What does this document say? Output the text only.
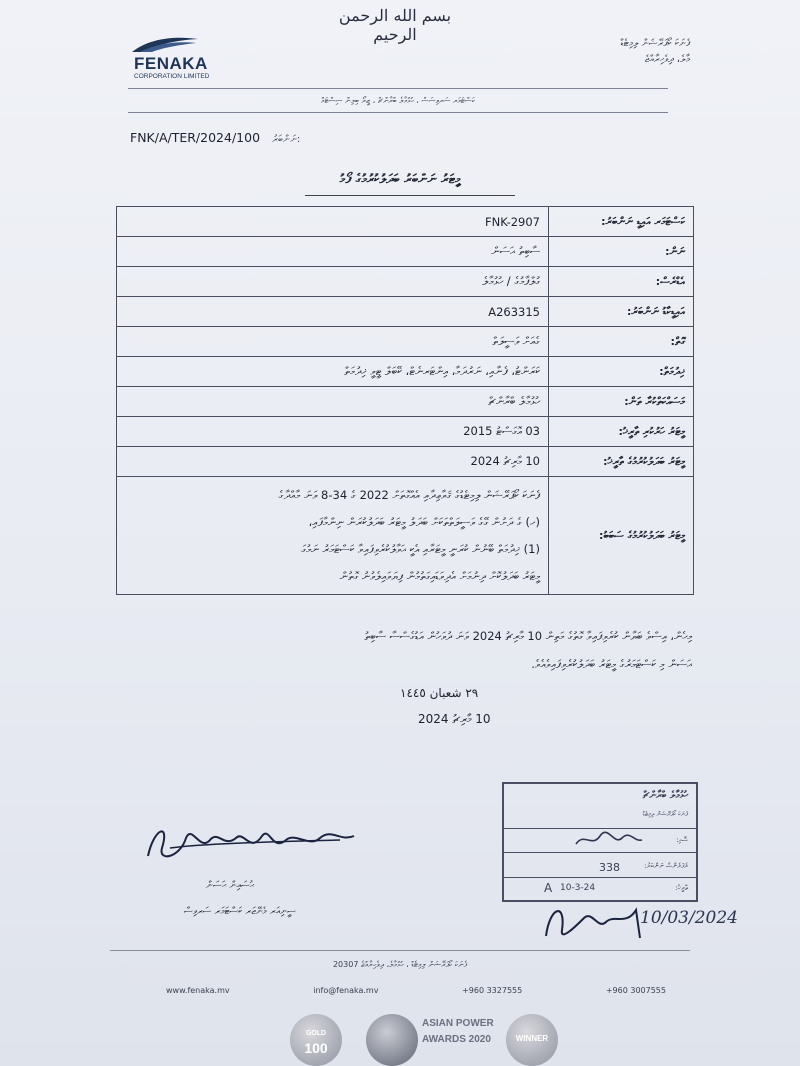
بسم الله الرحمن الرحيم
FENAKA
CORPORATION LIMITED
ފެނަކަ ކޯޕަރޭޝަން ލިމިޓެޑް
މާލެ، ދިވެހިރާއްޖެ
ކަސްޓަމަރ ސަރވިސަސް ، ހުޅުމާލެ ބްރާންޗް ، ޒީރޯ ބިލިން ސިސްޓަމް
FNK/A/TER/2024/100 ނަންބަރު:
މީޓަރު ނަންބަރު ބަދަލުކުރުމުގެ ފޯމު
FNK-2907	ކަސްޓަމަރ އައިޑީ ނަންބަރު:
ސާބިތު ޙަސަން	ނަން:
ގުލްފާމުގެ / ހުޅުމާލެ	އެޑްރެސް:
A263315	އައިޑީކާޑު ނަންބަރު:
ގެއަށް ވަސީލަތް	ގޮތް:
ކަރަންޓު، ފެނާއި، ނަރުދަމާ، އިންޓަރނެޓް، ކޭބަލް ޓީވީ ޚިދުމަތް	ޚިދުމަތް:
ހުޅުމާލެ ބްރާންޗް	މަސައްކަތްކުރާ ތަން:
03 އޮގަސްޓު 2015	މީޓަރު ހަރުކުރި ތާރީޚު:
10 މާރިޗު 2024	މީޓަރު ބަދަލުކުރުމުގެ ތާރީޚު:

ފެނަކަ ކޯޕަރޭޝަން ލިމިޓެޑުގެ ޤަވާޢިދާއި އެއްގޮތަށް 2022 ގެ 34-8 ވަނަ މާއްދާގެ
(ހ) ގެ ދަށުން ގޭގެ ވަސީލަތްތަކަށް ބަދަލު މީޓަރު ބަދަލުކުރަން ނިންމާފައި،
(1) ޚިދުމަތް ބޭނުން ކުރަނީ މީޓަރާއި އެކީ ޙަވާލުކުރެވިފައިވާ ކަސްޓަމަރު ނަމުގަ
މީޓަރު ބަދަލުކޮށް ދިނުމަށް އެދިވަޑައިގަތުމުން ފިޔަވައިލެވުނު ގޮތުން	މީޓަރު ބަދަލުކުރުމުގެ ސަބަބު:
މިހެން، އިސްވެ ބަޔާން ކުރެވިފައިވާ ގޮތުގެ މަތިން 10 މާރިޗު 2024 ވަނަ ދުވަހުން އަޑުގެސްސާ ސާބިތު
ޙަސަން މި ކަސްޓަމަރުގެ މީޓަރު ބަދަލުކުރެވިފައިވެއެވެ.
٢٩ شعبان ١٤٤٥
10 މާރިޗު 2024
ހުޅުމާލެ ބްރާންޗް
ފެނަކަ ކޯޕަރޭޝަން ލިމިޓެޑް
ސޮއި:
ރެފަރެންސް ނަންބަރު:
338
A 10-3-24	ތާރީޚު:
ޙުސައިން ޙަސަން
ސީނިއަރ މެނޭޖަރ ކަސްޓަމަރ ސަރވިސް	10/03/2024
ފެނަކަ ކޯޕަރޭޝަން ލިމިޓެޑް ، ހުޅުމާލެ، ދިވެހިރާއްޖެ 20307
www.fenaka.mv	info@fenaka.mv	+960 3327555	+960 3007555
GOLD
100
ASIAN POWER
AWARDS 2020	WINNER
